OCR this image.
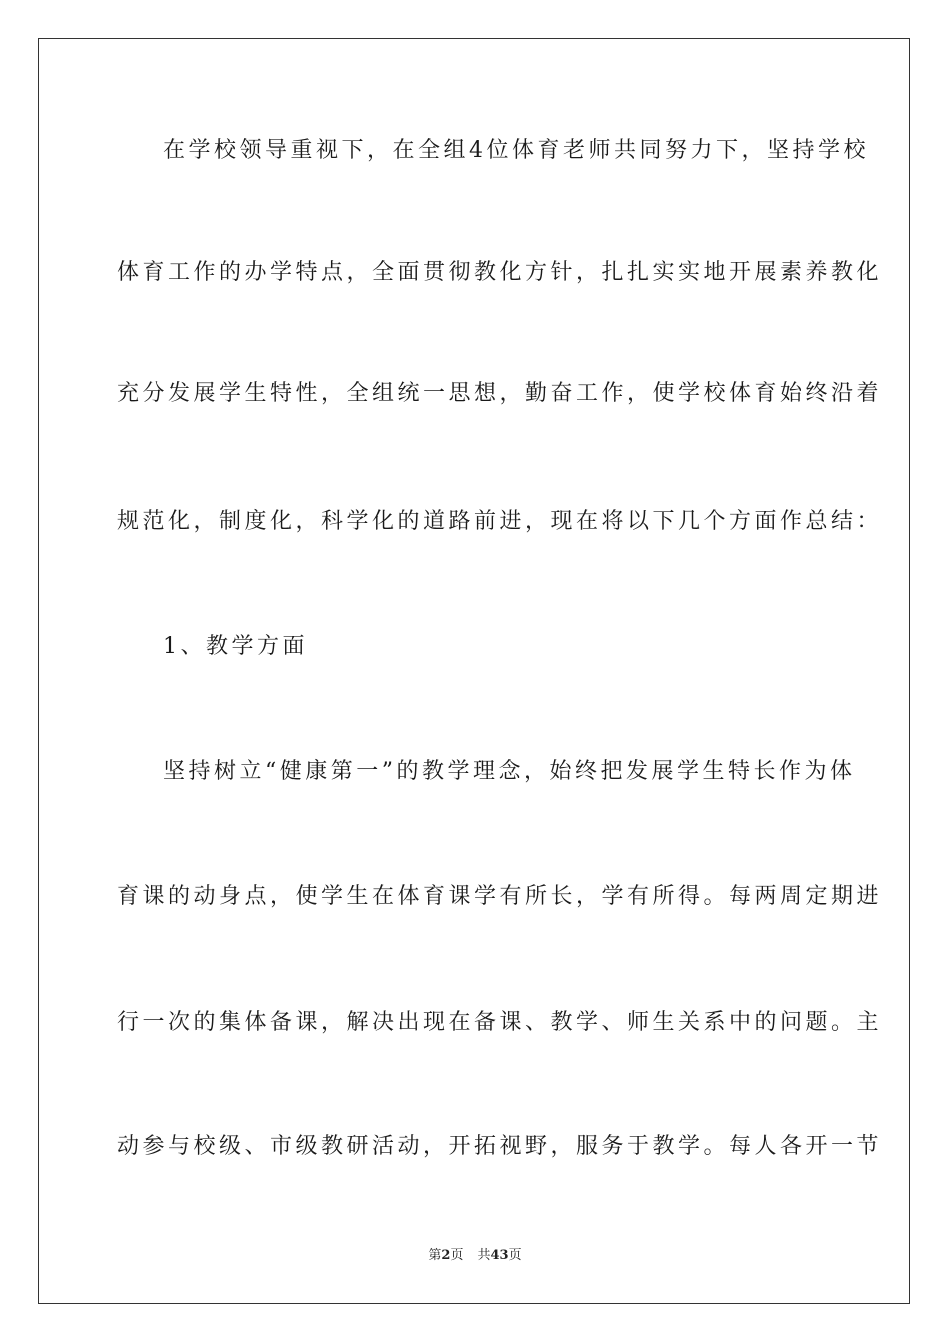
在学校领导重视下，在全组4位体育老师共同努力下，坚持学校
体育工作的办学特点，全面贯彻教化方针，扎扎实实地开展素养教化
充分发展学生特性，全组统一思想，勤奋工作，使学校体育始终沿着
规范化，制度化，科学化的道路前进，现在将以下几个方面作总结：
1、教学方面
坚持树立“健康第一”的教学理念，始终把发展学生特长作为体
育课的动身点，使学生在体育课学有所长，学有所得。每两周定期进
行一次的集体备课，解决出现在备课、教学、师生关系中的问题。主
动参与校级、市级教研活动，开拓视野，服务于教学。每人各开一节
第2页 共43页
